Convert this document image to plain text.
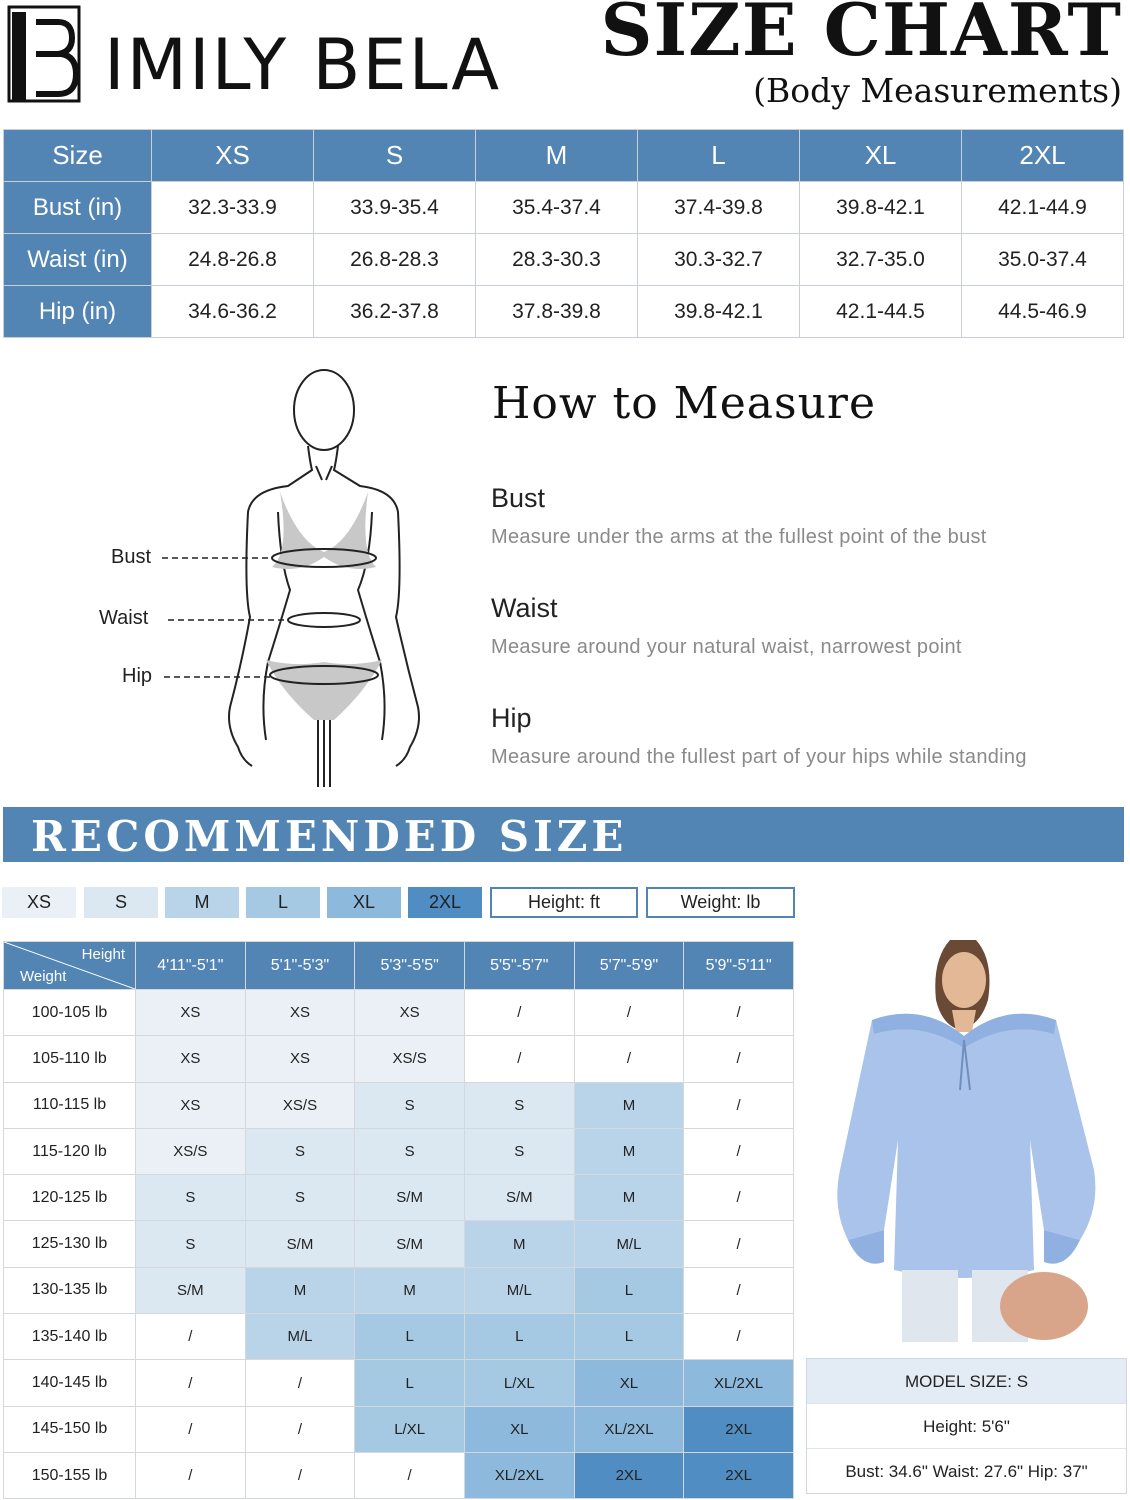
IMILY BELA SIZE CHART
(Body Measurements)
Size	XS	S	M	L	XL	2XL
Bust (in)	32.3-33.9	33.9-35.4	35.4-37.4	37.4-39.8	39.8-42.1	42.1-44.9
Waist (in)	24.8-26.8	26.8-28.3	28.3-30.3	30.3-32.7	32.7-35.0	35.0-37.4
Hip (in)	34.6-36.2	36.2-37.8	37.8-39.8	39.8-42.1	42.1-44.5	44.5-46.9
Bust
Waist
Hip
How to Measure
Bust
Measure under the arms at the fullest point of the bust
Waist
Measure around your natural waist, narrowest point
Hip
Measure around the fullest part of your hips while standing
RECOMMENDED SIZE
XS	S	M	L	XL	2XL	Height: ft	Weight: lb
Height
Weight	4'11"-5'1"	5'1"-5'3"	5'3"-5'5"	5'5"-5'7"	5'7"-5'9"	5'9"-5'11"
100-105 lb	XS	XS	XS	/	/	/
105-110 lb	XS	XS	XS/S	/	/	/
110-115 lb	XS	XS/S	S	S	M	/
115-120 lb	XS/S	S	S	S	M	/
120-125 lb	S	S	S/M	S/M	M	/
125-130 lb	S	S/M	S/M	M	M/L	/
130-135 lb	S/M	M	M	M/L	L	/
135-140 lb	/	M/L	L	L	L	/
140-145 lb	/	/	L	L/XL	XL	XL/2XL
145-150 lb	/	/	L/XL	XL	XL/2XL	2XL
150-155 lb	/	/	/	XL/2XL	2XL	2XL
MODEL SIZE: S
Height: 5'6"
Bust: 34.6" Waist: 27.6" Hip: 37"
